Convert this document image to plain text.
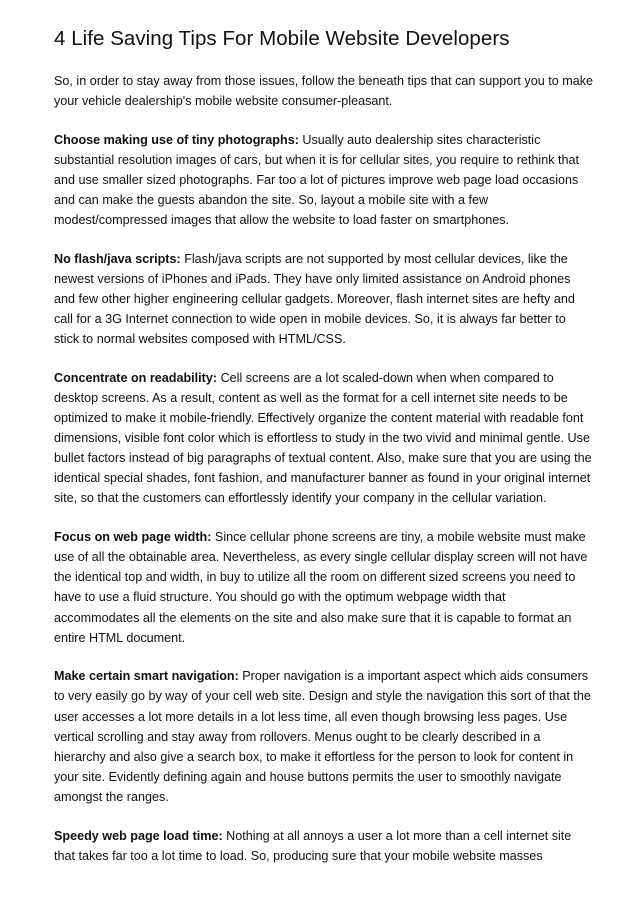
4 Life Saving Tips For Mobile Website Developers

So, in order to stay away from those issues, follow the beneath tips that can support you to make your vehicle dealership's mobile website consumer-pleasant.

Choose making use of tiny photographs: Usually auto dealership sites characteristic substantial resolution images of cars, but when it is for cellular sites, you require to rethink that and use smaller sized photographs. Far too a lot of pictures improve web page load occasions and can make the guests abandon the site. So, layout a mobile site with a few modest/compressed images that allow the website to load faster on smartphones.

No flash/java scripts: Flash/java scripts are not supported by most cellular devices, like the newest versions of iPhones and iPads. They have only limited assistance on Android phones and few other higher engineering cellular gadgets. Moreover, flash internet sites are hefty and call for a 3G Internet connection to wide open in mobile devices. So, it is always far better to stick to normal websites composed with HTML/CSS.

Concentrate on readability: Cell screens are a lot scaled-down when when compared to desktop screens. As a result, content as well as the format for a cell internet site needs to be optimized to make it mobile-friendly. Effectively organize the content material with readable font dimensions, visible font color which is effortless to study in the two vivid and minimal gentle. Use bullet factors instead of big paragraphs of textual content. Also, make sure that you are using the identical special shades, font fashion, and manufacturer banner as found in your original internet site, so that the customers can effortlessly identify your company in the cellular variation.

Focus on web page width: Since cellular phone screens are tiny, a mobile website must make use of all the obtainable area. Nevertheless, as every single cellular display screen will not have the identical top and width, in buy to utilize all the room on different sized screens you need to have to use a fluid structure. You should go with the optimum webpage width that accommodates all the elements on the site and also make sure that it is capable to format an entire HTML document.

Make certain smart navigation: Proper navigation is a important aspect which aids consumers to very easily go by way of your cell web site. Design and style the navigation this sort of that the user accesses a lot more details in a lot less time, all even though browsing less pages. Use vertical scrolling and stay away from rollovers. Menus ought to be clearly described in a hierarchy and also give a search box, to make it effortless for the person to look for content in your site. Evidently defining again and house buttons permits the user to smoothly navigate amongst the ranges.

Speedy web page load time: Nothing at all annoys a user a lot more than a cell internet site that takes far too a lot time to load. So, producing sure that your mobile website masses
